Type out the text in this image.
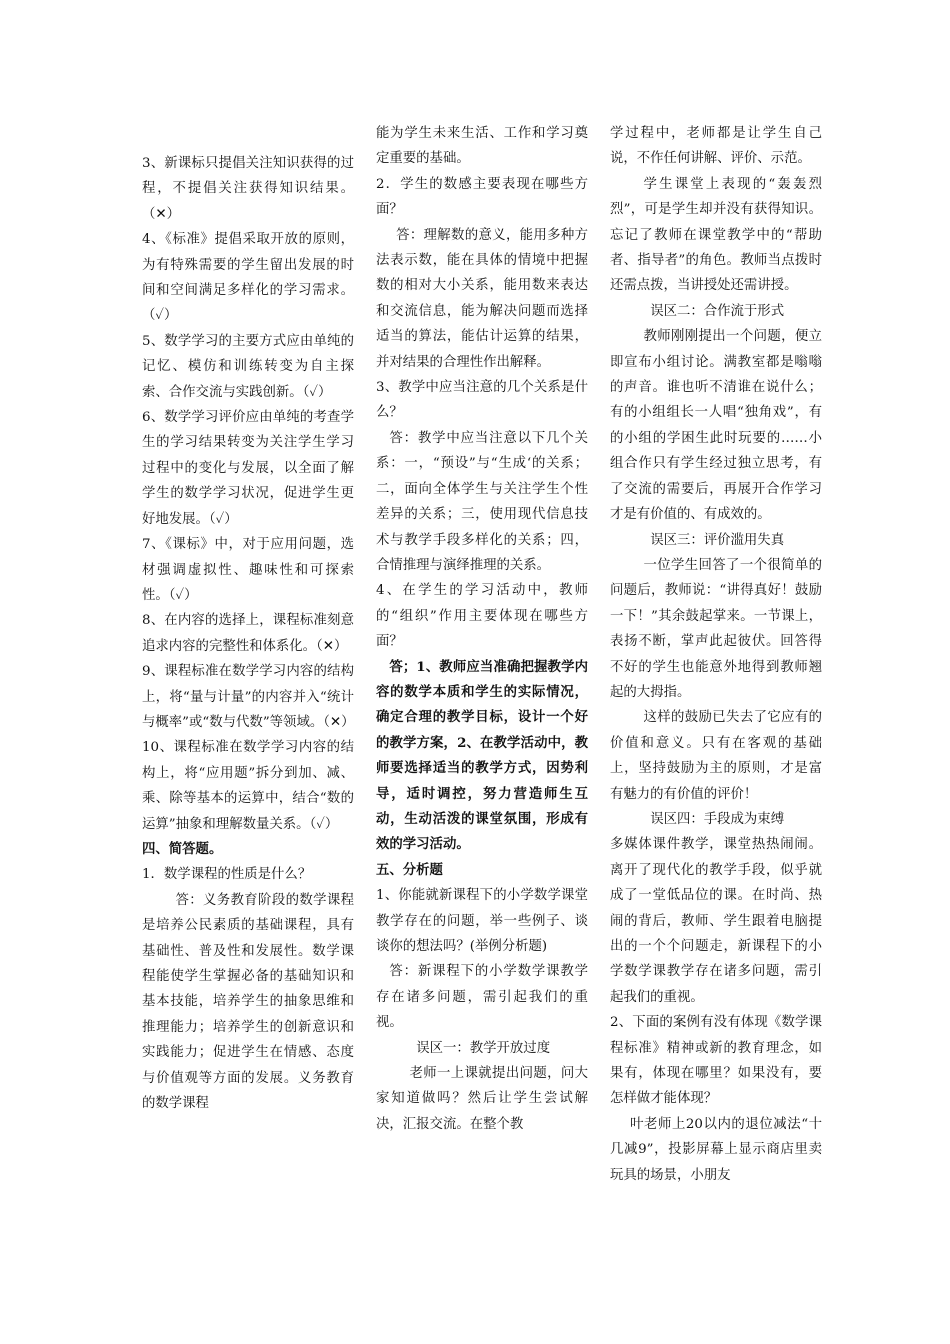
3、新课标只提倡关注知识获得的过程，不提倡关注获得知识结果。（✕）

4、《标准》提倡采取开放的原则，为有特殊需要的学生留出发展的时间和空间满足多样化的学习需求。（✓）

5、数学学习的主要方式应由单纯的记忆、模仿和训练转变为自主探索、合作交流与实践创新。（✓）

6、数学学习评价应由单纯的考查学生的学习结果转变为关注学生学习过程中的变化与发展，以全面了解学生的数学学习状况，促进学生更好地发展。（✓）

7、《课标》中，对于应用问题，选材强调虚拟性、趣味性和可探索性。（✓）

8、在内容的选择上，课程标准刻意追求内容的完整性和体系化。（✕）

9、课程标准在数学学习内容的结构上，将“量与计量”的内容并入“统计与概率”或“数与代数”等领域。（✕）

10、课程标准在数学学习内容的结构上，将“应用题”拆分到加、减、乘、除等基本的运算中，结合“数的运算”抽象和理解数量关系。（✓）

四、简答题。

1．数学课程的性质是什么？

答：义务教育阶段的数学课程是培养公民素质的基础课程，具有基础性、普及性和发展性。数学课程能使学生掌握必备的基础知识和基本技能，培养学生的抽象思维和推理能力；培养学生的创新意识和实践能力；促进学生在情感、态度与价值观等方面的发展。义务教育的数学课程

能为学生未来生活、工作和学习奠定重要的基础。

2．学生的数感主要表现在哪些方面？

答：理解数的意义，能用多种方法表示数，能在具体的情境中把握数的相对大小关系，能用数来表达和交流信息，能为解决问题而选择适当的算法，能估计运算的结果，并对结果的合理性作出解释。

3、教学中应当注意的几个关系是什么？

答：教学中应当注意以下几个关系：一，“预设”与“生成‘的关系；二，面向全体学生与关注学生个性差异的关系；三，使用现代信息技术与教学手段多样化的关系；四，合情推理与演绎推理的关系。

4、在学生的学习活动中，教师的“组织”作用主要体现在哪些方面？

答；1、教师应当准确把握教学内容的数学本质和学生的实际情况，确定合理的教学目标，设计一个好的教学方案，2、在教学活动中，教师要选择适当的教学方式，因势利导，适时调控，努力营造师生互动，生动活泼的课堂氛围，形成有效的学习活动。

五、分析题

1、你能就新课程下的小学数学课堂教学存在的问题，举一些例子、谈谈你的想法吗？(举例分析题)

答：新课程下的小学数学课教学存在诸多问题，需引起我们的重视。

误区一：教学开放过度

老师一上课就提出问题，问大家知道做吗？然后让学生尝试解决，汇报交流。在整个教

学过程中，老师都是让学生自己说，不作任何讲解、评价、示范。

学生课堂上表现的“轰轰烈烈”，可是学生却并没有获得知识。忘记了教师在课堂教学中的“帮助者、指导者”的角色。教师当点拨时还需点拨，当讲授处还需讲授。

误区二：合作流于形式

教师刚刚提出一个问题，便立即宣布小组讨论。满教室都是嗡嗡的声音。谁也听不清谁在说什么；有的小组组长一人唱“独角戏”，有的小组的学困生此时玩要的……小组合作只有学生经过独立思考，有了交流的需要后，再展开合作学习才是有价值的、有成效的。

误区三：评价滥用失真

一位学生回答了一个很简单的问题后，教师说：“讲得真好！鼓励一下！”其余鼓起掌来。一节课上，表扬不断，掌声此起彼伏。回答得不好的学生也能意外地得到教师翘起的大拇指。

这样的鼓励已失去了它应有的价值和意义。只有在客观的基础上，坚持鼓励为主的原则，才是富有魅力的有价值的评价！

误区四：手段成为束缚

多媒体课件教学，课堂热热闹闹。离开了现代化的教学手段，似乎就成了一堂低品位的课。在时尚、热闹的背后，教师、学生跟着电脑提出的一个个问题走，新课程下的小学数学课教学存在诸多问题，需引起我们的重视。

2、下面的案例有没有体现《数学课程标准》精神或新的教育理念，如果有，体现在哪里？如果没有，要怎样做才能体现？

叶老师上20以内的退位减法“十几减9”，投影屏幕上显示商店里卖玩具的场景，小朋友
